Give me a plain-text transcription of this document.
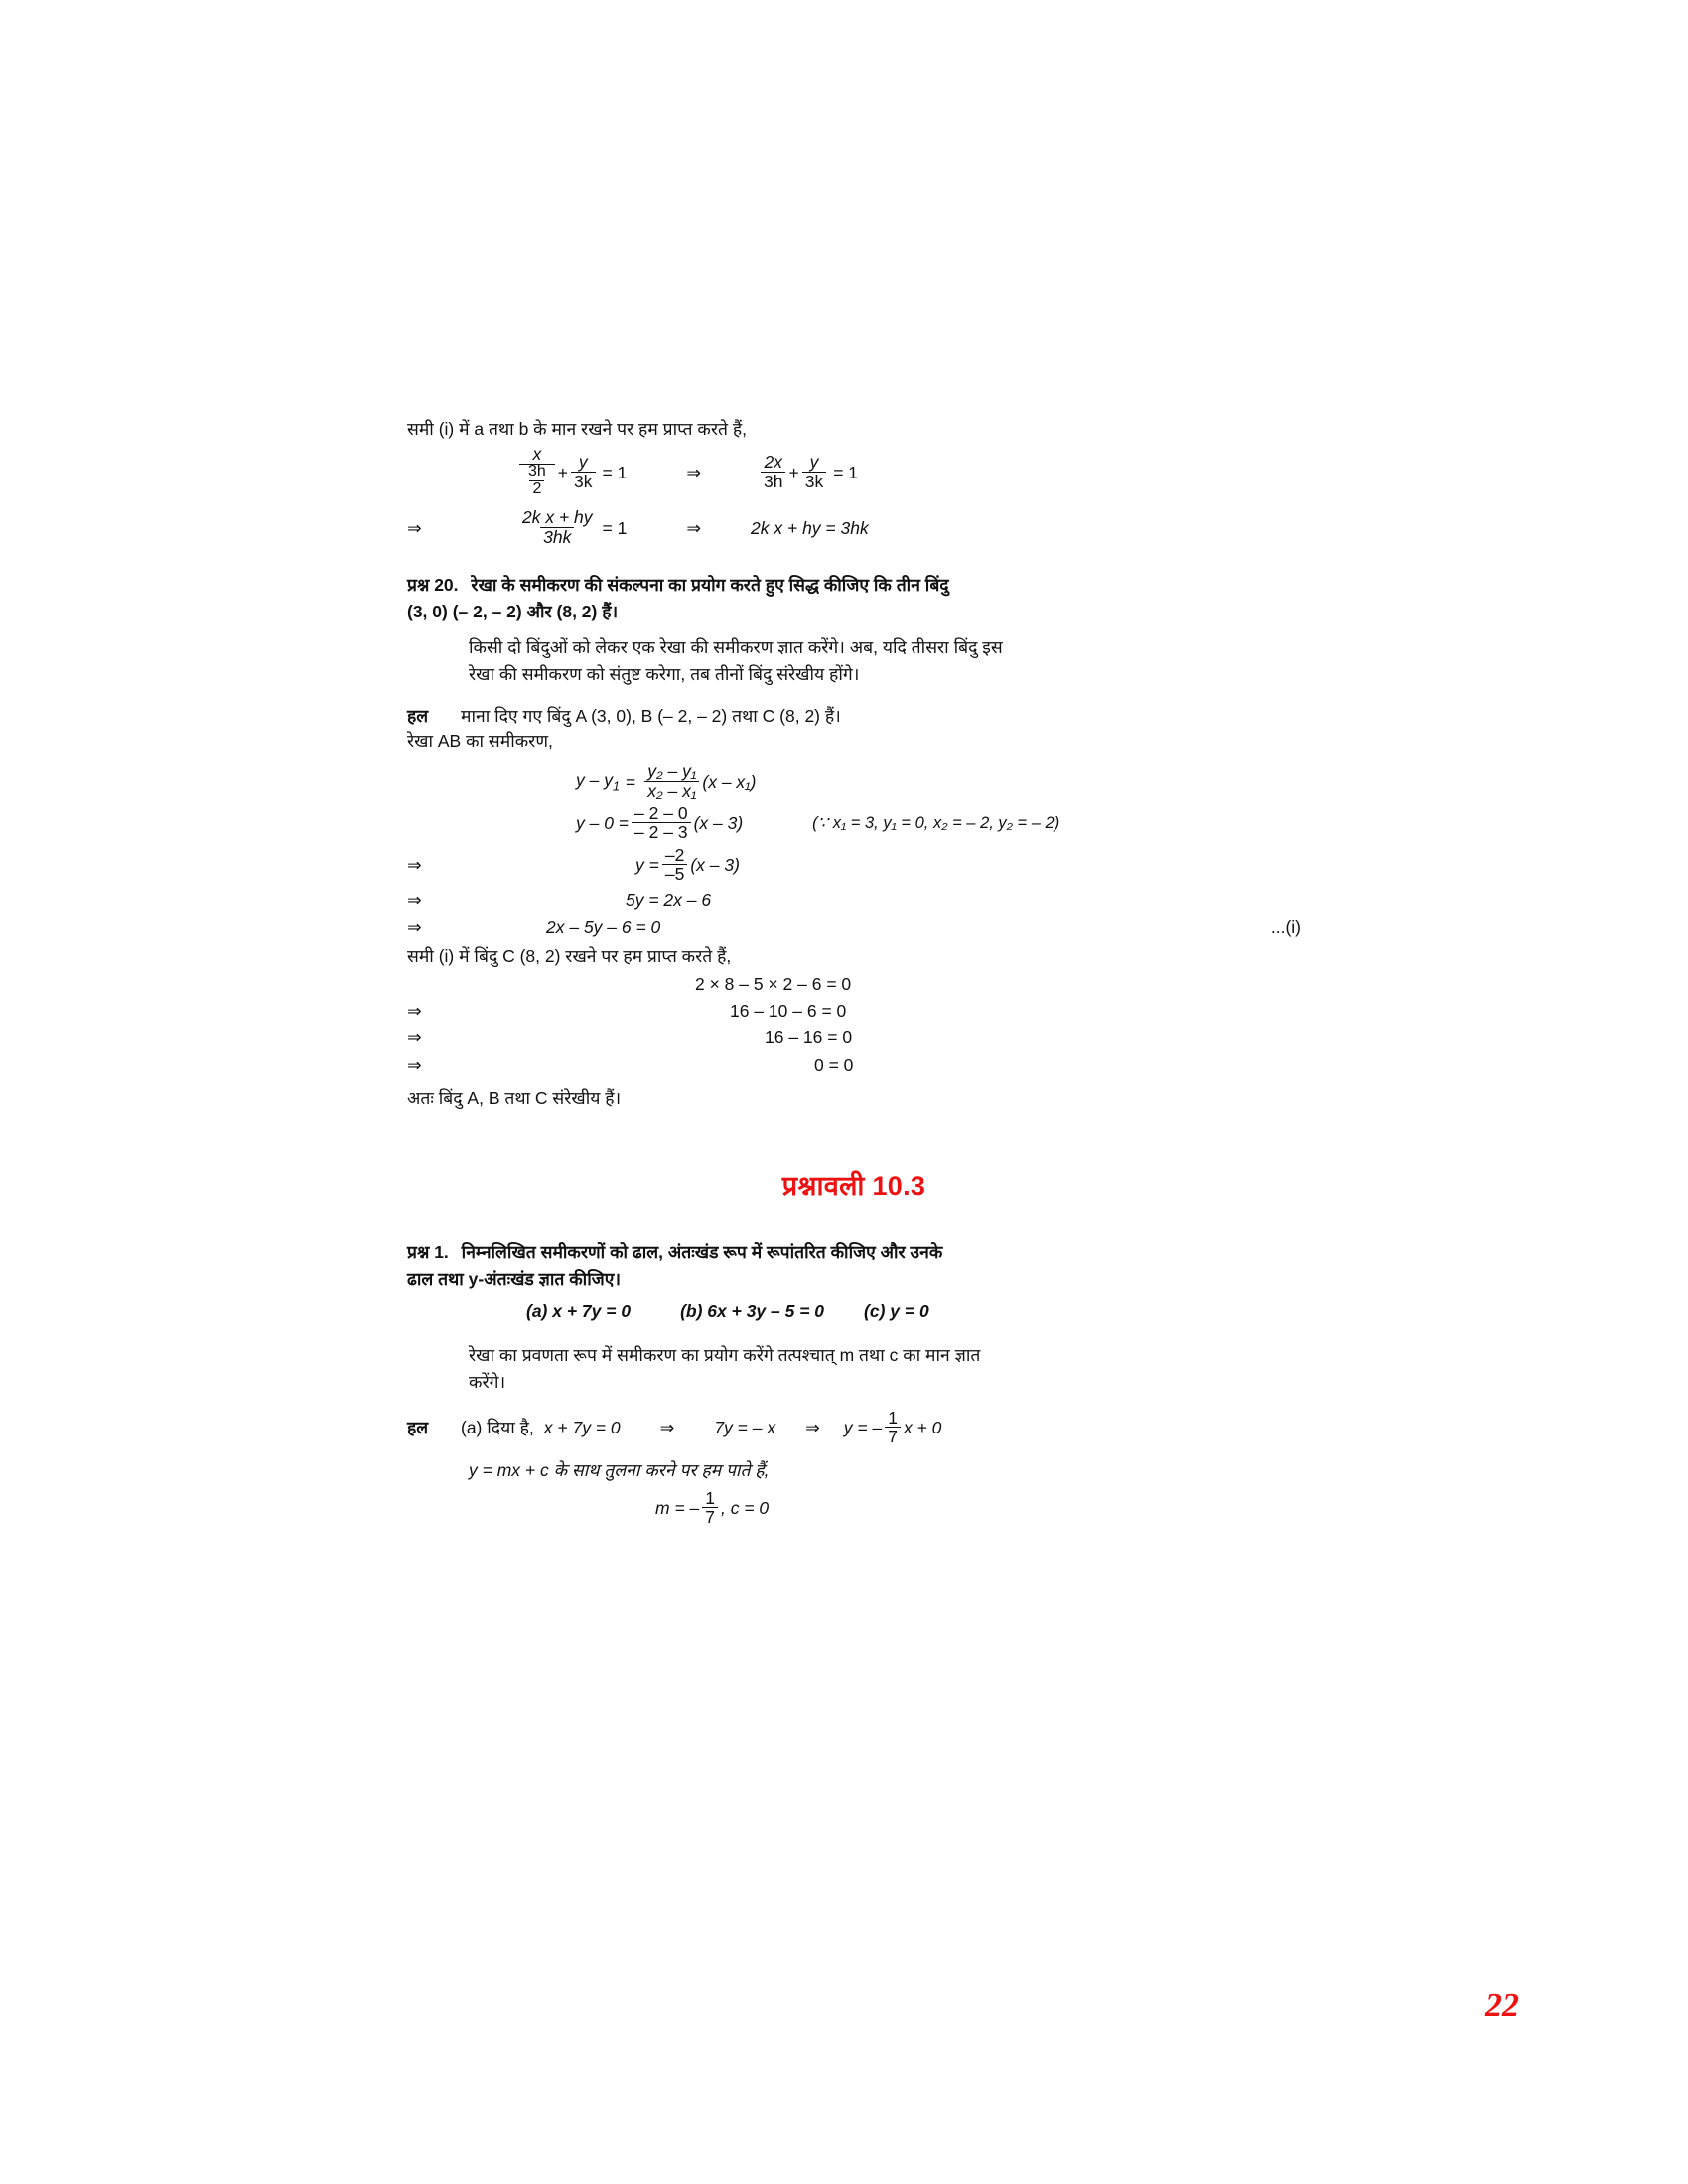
समी (i) में a तथा b के मान रखने पर हम प्राप्त करते हैं,
$\frac{x}{\frac{3h}{2}} + \frac{y}{3k} = 1$	⇒	$\frac{2x}{3h} + \frac{y}{3k} = 1$
⇒	$\frac{\text{2k x + hy}}{3hk} = 1$	⇒	2k x + hy = 3hk
प्रश्न 20. रेखा के समीकरण की संकल्पना का प्रयोग करते हुए सिद्ध कीजिए कि तीन बिंदु
(3, 0) (– 2, – 2) और (8, 2) हैं।
किसी दो बिंदुओं को लेकर एक रेखा की समीकरण ज्ञात करेंगे। अब, यदि तीसरा बिंदु इस
रेखा की समीकरण को संतुष्ट करेगा, तब तीनों बिंदु संरेखीय होंगे।
हल	माना दिए गए बिंदु A (3, 0), B (– 2, – 2) तथा C (8, 2) हैं।
रेखा AB का समीकरण,
$y - y_1 = \frac{\text{y₂ – y₁}}{\text{x₂ – x₁}} (x - x_1)$
$y - 0 = \frac{- 2 - 0}{- 2 - 3} (x - 3)$	(∵ x₁ = 3, y₁ = 0, x₂ = – 2, y₂ = – 2)
⇒	$y = \frac{-2}{-5} (x - 3)$
⇒	5y = 2x – 6
⇒	2x – 5y – 6 = 0	...(i)
समी (i) में बिंदु C (8, 2) रखने पर हम प्राप्त करते हैं,
2 × 8 – 5 × 2 – 6 = 0
⇒	16 – 10 – 6 = 0
⇒	16 – 16 = 0
⇒	0 = 0
अतः बिंदु A, B तथा C संरेखीय हैं।
प्रश्नावली 10.3
प्रश्न 1. निम्नलिखित समीकरणों को ढाल, अंतःखंड रूप में रूपांतरित कीजिए और उनके
ढाल तथा y-अंतःखंड ज्ञात कीजिए।
(a) x + 7y = 0	(b) 6x + 3y – 5 = 0 (c) y = 0
रेखा का प्रवणता रूप में समीकरण का प्रयोग करेंगे तत्पश्चात् m तथा c का मान ज्ञात
करेंगे।
हल	(a) दिया है, x + 7y = 0 ⇒ 7y = – x ⇒ y = – $\frac{1}{7}$ x + 0
y = mx + c के साथ तुलना करने पर हम पाते हैं,
m = – $\frac{1}{7}$ , c = 0
22
